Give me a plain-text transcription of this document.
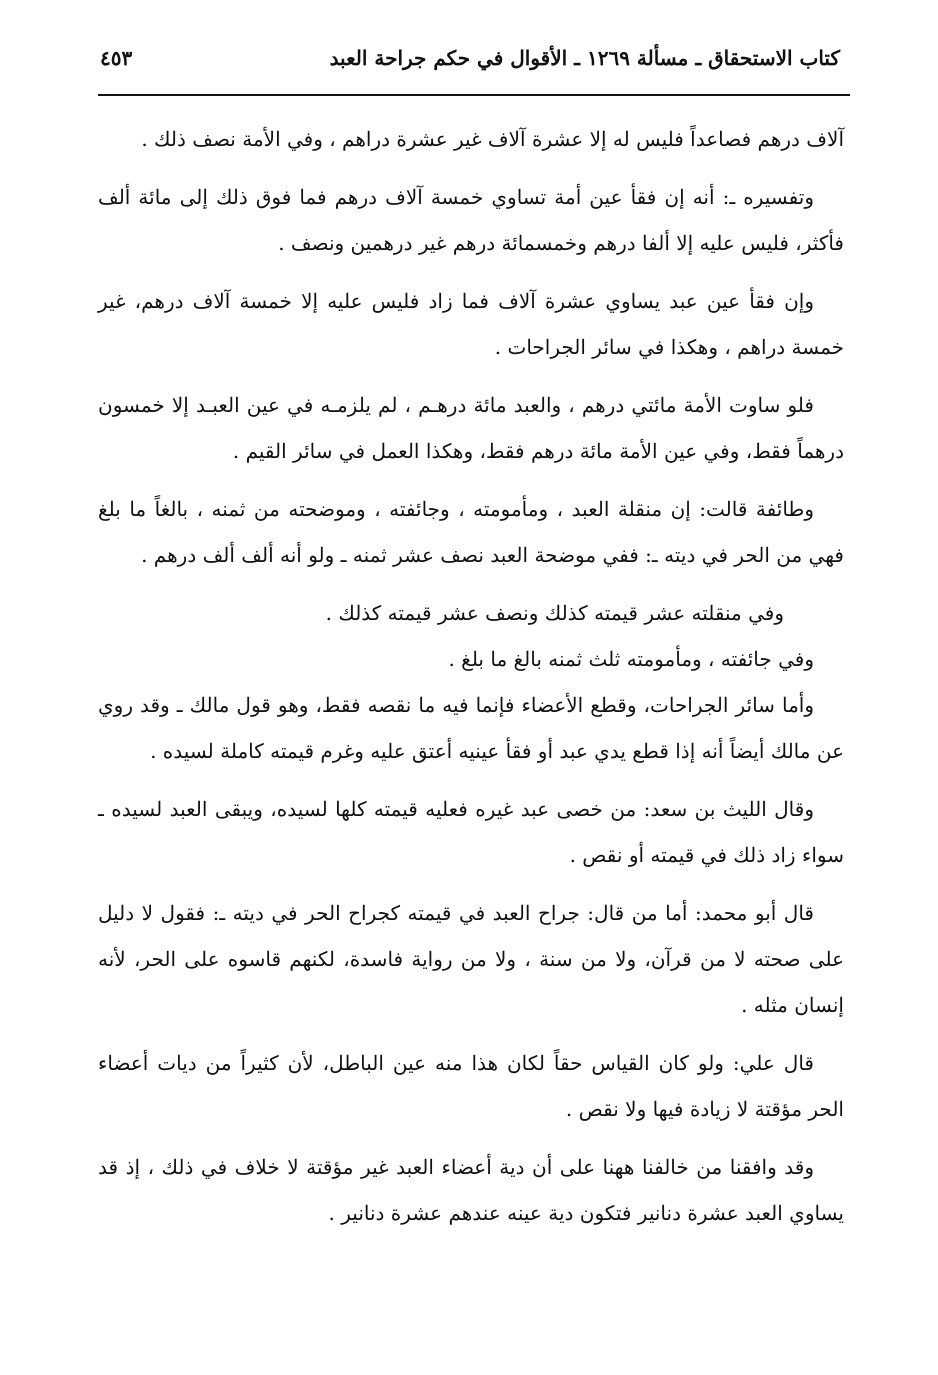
كتاب الاستحقاق ـ مسألة ١٢٦٩ ـ الأقوال في حكم جراحة العبد
٤٥٣

آلاف درهم فصاعداً فليس له إلا عشرة آلاف غير عشرة دراهم ، وفي الأمة نصف ذلك .

وتفسيره ـ: أنه إن فقأ عين أمة تساوي خمسة آلاف درهم فما فوق ذلك إلى مائة ألف فأكثر، فليس عليه إلا ألفا درهم وخمسمائة درهم غير درهمين ونصف .

وإن فقأ عين عبد يساوي عشرة آلاف فما زاد فليس عليه إلا خمسة آلاف درهم، غير خمسة دراهم ، وهكذا في سائر الجراحات .

فلو ساوت الأمة مائتي درهم ، والعبد مائة درهـم ، لم يلزمـه في عين العبـد إلا خمسون درهماً فقط، وفي عين الأمة مائة درهم فقط، وهكذا العمل في سائر القيم .

وطائفة قالت: إن منقلة العبد ، ومأمومته ، وجائفته ، وموضحته من ثمنه ، بالغاً ما بلغ فهي من الحر في ديته ـ: ففي موضحة العبد نصف عشر ثمنه ـ ولو أنه ألف ألف درهم .

وفي منقلته عشر قيمته كذلك ونصف عشر قيمته كذلك .

وفي جائفته ، ومأمومته ثلث ثمنه بالغ ما بلغ .

وأما سائر الجراحات، وقطع الأعضاء فإنما فيه ما نقصه فقط، وهو قول مالك ـ وقد روي عن مالك أيضاً أنه إذا قطع يدي عبد أو فقأ عينيه أعتق عليه وغرم قيمته كاملة لسيده .

وقال الليث بن سعد: من خصى عبد غيره فعليه قيمته كلها لسيده، ويبقى العبد لسيده ـ سواء زاد ذلك في قيمته أو نقص .

قال أبو محمد: أما من قال: جراح العبد في قيمته كجراح الحر في ديته ـ: فقول لا دليل على صحته لا من قرآن، ولا من سنة ، ولا من رواية فاسدة، لكنهم قاسوه على الحر، لأنه إنسان مثله .

قال علي: ولو كان القياس حقاً لكان هذا منه عين الباطل، لأن كثيراً من ديات أعضاء الحر مؤقتة لا زيادة فيها ولا نقص .

وقد وافقنا من خالفنا ههنا على أن دية أعضاء العبد غير مؤقتة لا خلاف في ذلك ، إذ قد يساوي العبد عشرة دنانير فتكون دية عينه عندهم عشرة دنانير .
